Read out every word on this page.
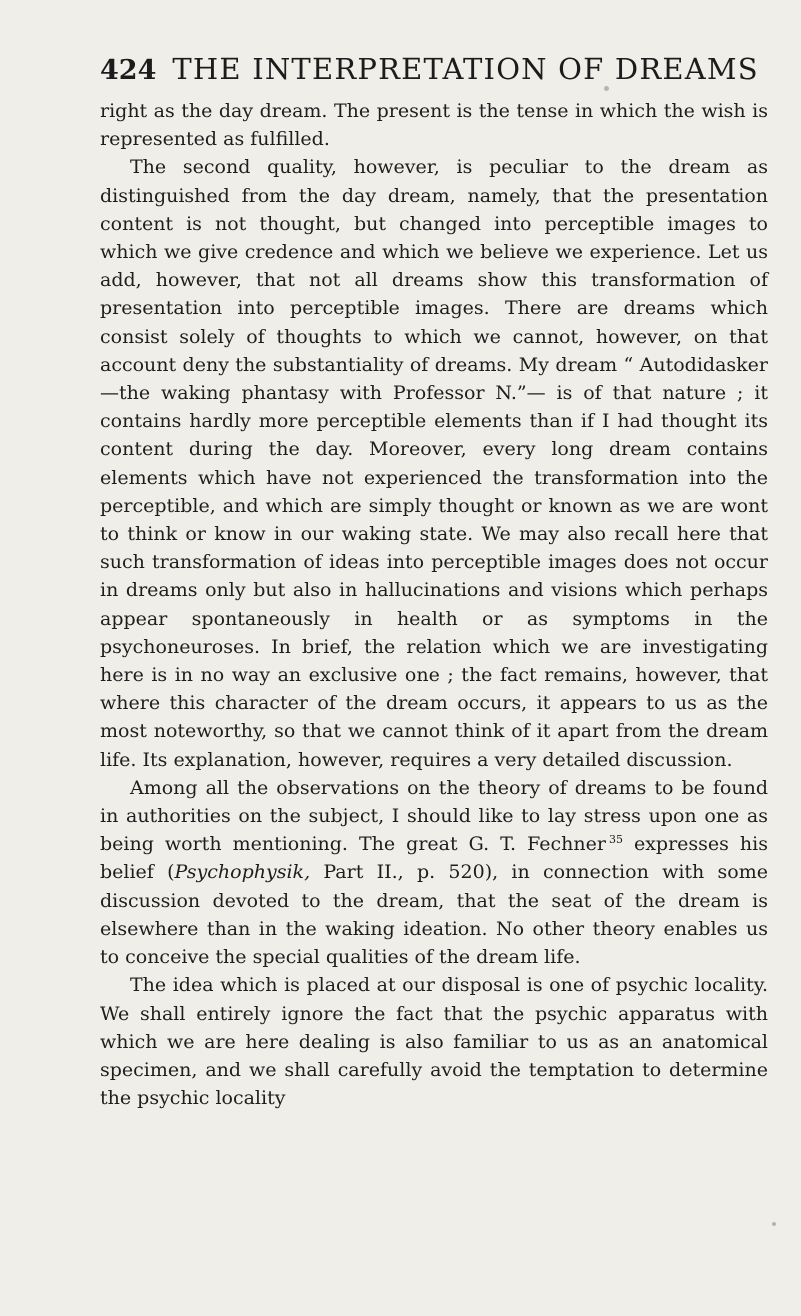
424 THE INTERPRETATION OF DREAMS

right as the day dream. The present is the tense in which the wish is represented as fulfilled.

The second quality, however, is peculiar to the dream as distinguished from the day dream, namely, that the presentation content is not thought, but changed into perceptible images to which we give credence and which we believe we experience. Let us add, however, that not all dreams show this transformation of presentation into perceptible images. There are dreams which consist solely of thoughts to which we cannot, however, on that account deny the substantiality of dreams. My dream “ Autodidasker—the waking phantasy with Professor N.”— is of that nature ; it contains hardly more perceptible elements than if I had thought its content during the day. Moreover, every long dream contains elements which have not experienced the transformation into the perceptible, and which are simply thought or known as we are wont to think or know in our waking state. We may also recall here that such transformation of ideas into perceptible images does not occur in dreams only but also in hallucinations and visions which perhaps appear spontaneously in health or as symptoms in the psychoneuroses. In brief, the relation which we are investigating here is in no way an exclusive one ; the fact remains, however, that where this character of the dream occurs, it appears to us as the most noteworthy, so that we cannot think of it apart from the dream life. Its explanation, however, requires a very detailed discussion.

Among all the observations on the theory of dreams to be found in authorities on the subject, I should like to lay stress upon one as being worth mentioning. The great G. T. Fechner $^{35}$ expresses his belief (Psychophysik, Part II., p. 520), in connection with some discussion devoted to the dream, that the seat of the dream is elsewhere than in the waking ideation. No other theory enables us to conceive the special qualities of the dream life.

The idea which is placed at our disposal is one of psychic locality. We shall entirely ignore the fact that the psychic apparatus with which we are here dealing is also familiar to us as an anatomical specimen, and we shall carefully avoid the temptation to determine the psychic locality
